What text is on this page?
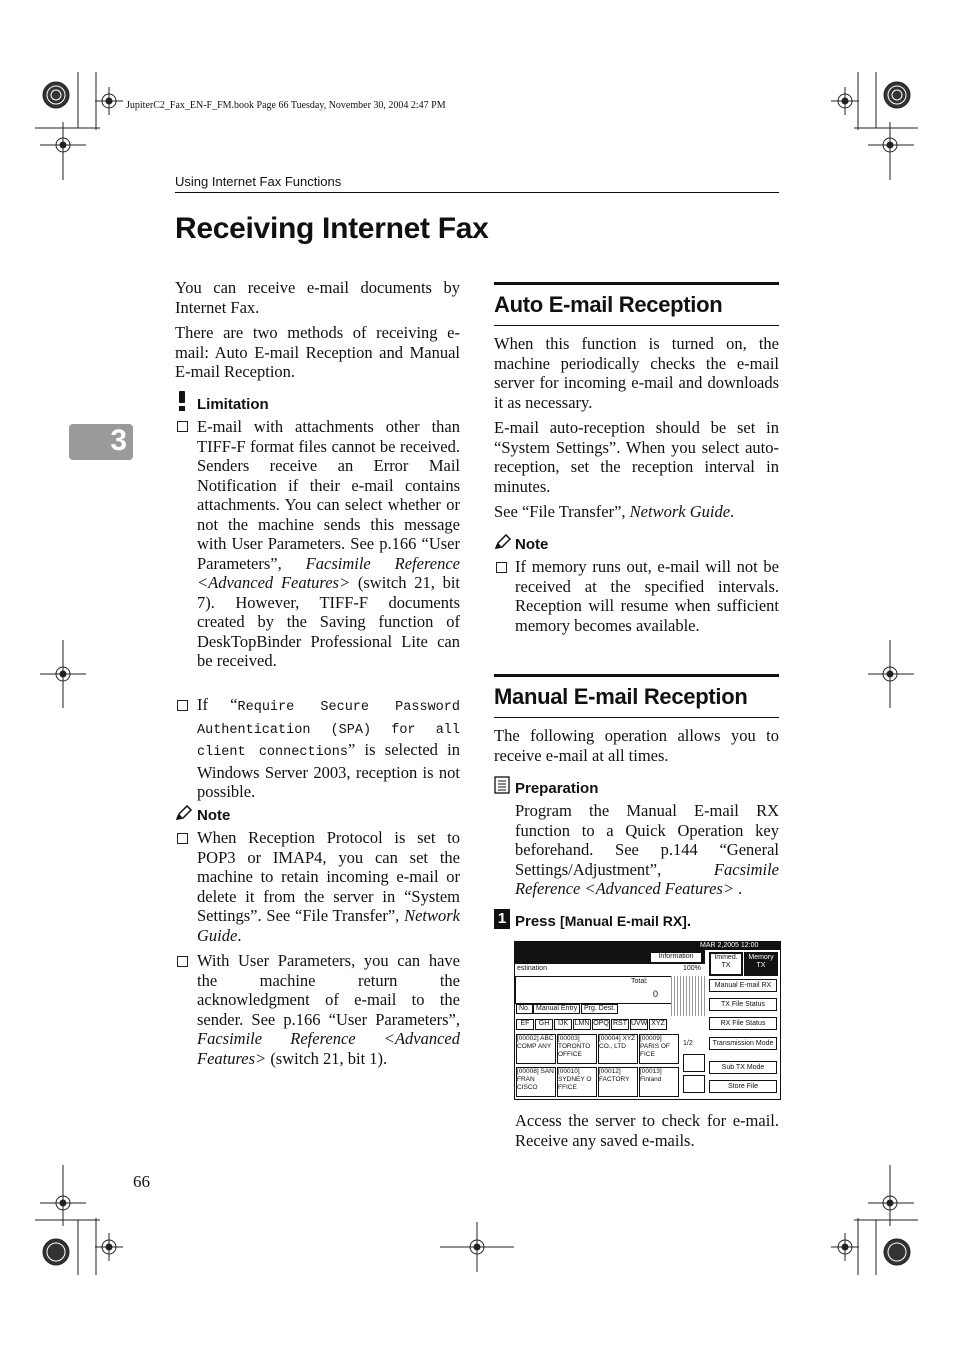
JupiterC2_Fax_EN-F_FM.book Page 66 Tuesday, November 30, 2004 2:47 PM
Using Internet Fax Functions
Receiving Internet Fax
3
You can receive e-mail documents by Internet Fax.
There are two methods of receiving e-mail: Auto E-mail Reception and Manual E-mail Reception.
Limitation
E-mail with attachments other than TIFF-F format files cannot be received. Senders receive an Error Mail Notification if their e-mail contains attachments. You can select whether or not the machine sends this message with User Parameters. See p.166 “User Parameters”, Facsimile Reference <Advanced Features> (switch 21, bit 7). However, TIFF-F documents created by the Saving function of DeskTopBinder Professional Lite can be received.
If “Require Secure Password Authentication (SPA) for all client connections” is selected in Windows Server 2003, reception is not possible.
Note
When Reception Protocol is set to POP3 or IMAP4, you can set the machine to retain incoming e-mail or delete it from the server in “System Settings”. See “File Transfer”, Network Guide.
With User Parameters, you can have the machine return the acknowledgment of e-mail to the sender. See p.166 “User Parameters”, Facsimile Reference <Advanced Features> (switch 21, bit 1).
Auto E-mail Reception
When this function is turned on, the machine periodically checks the e-mail server for incoming e-mail and downloads it as necessary.
E-mail auto-reception should be set in “System Settings”. When you select auto-reception, set the reception interval in minutes.
See “File Transfer”, Network Guide.
Note
If memory runs out, e-mail will not be received at the specified intervals. Reception will resume when sufficient memory becomes available.
Manual E-mail Reception
The following operation allows you to receive e-mail at all times.
Preparation
Program the Manual E-mail RX function to a Quick Operation key beforehand. See p.144 “General Settings/Adjustment”, Facsimile Reference <Advanced Features> .
1 Press [Manual E-mail RX].
MAR 2,2005 12:00
Information
estination	100%
Immed. TX
Memory TX
Total:
0
No. Manual Entry Prg. Dest.
EF	GH	IJK LMN OPQ RST UVW XYZ
[00002] ABC COMP ANY
[00003] TORONTO OFFICE
[00004] XYZ CO., LTD
[00009] PARIS OF FICE
[00008] SAN FRAN CISCO
[00010] SYDNEY O FFICE
[00012] FACTORY
[00013] Finland
1/2
Manual E-mail RX
TX File Status
RX File Status
Transmission Mode
Sub TX Mode
Store File
Access the server to check for e-mail. Receive any saved e-mails.
66
